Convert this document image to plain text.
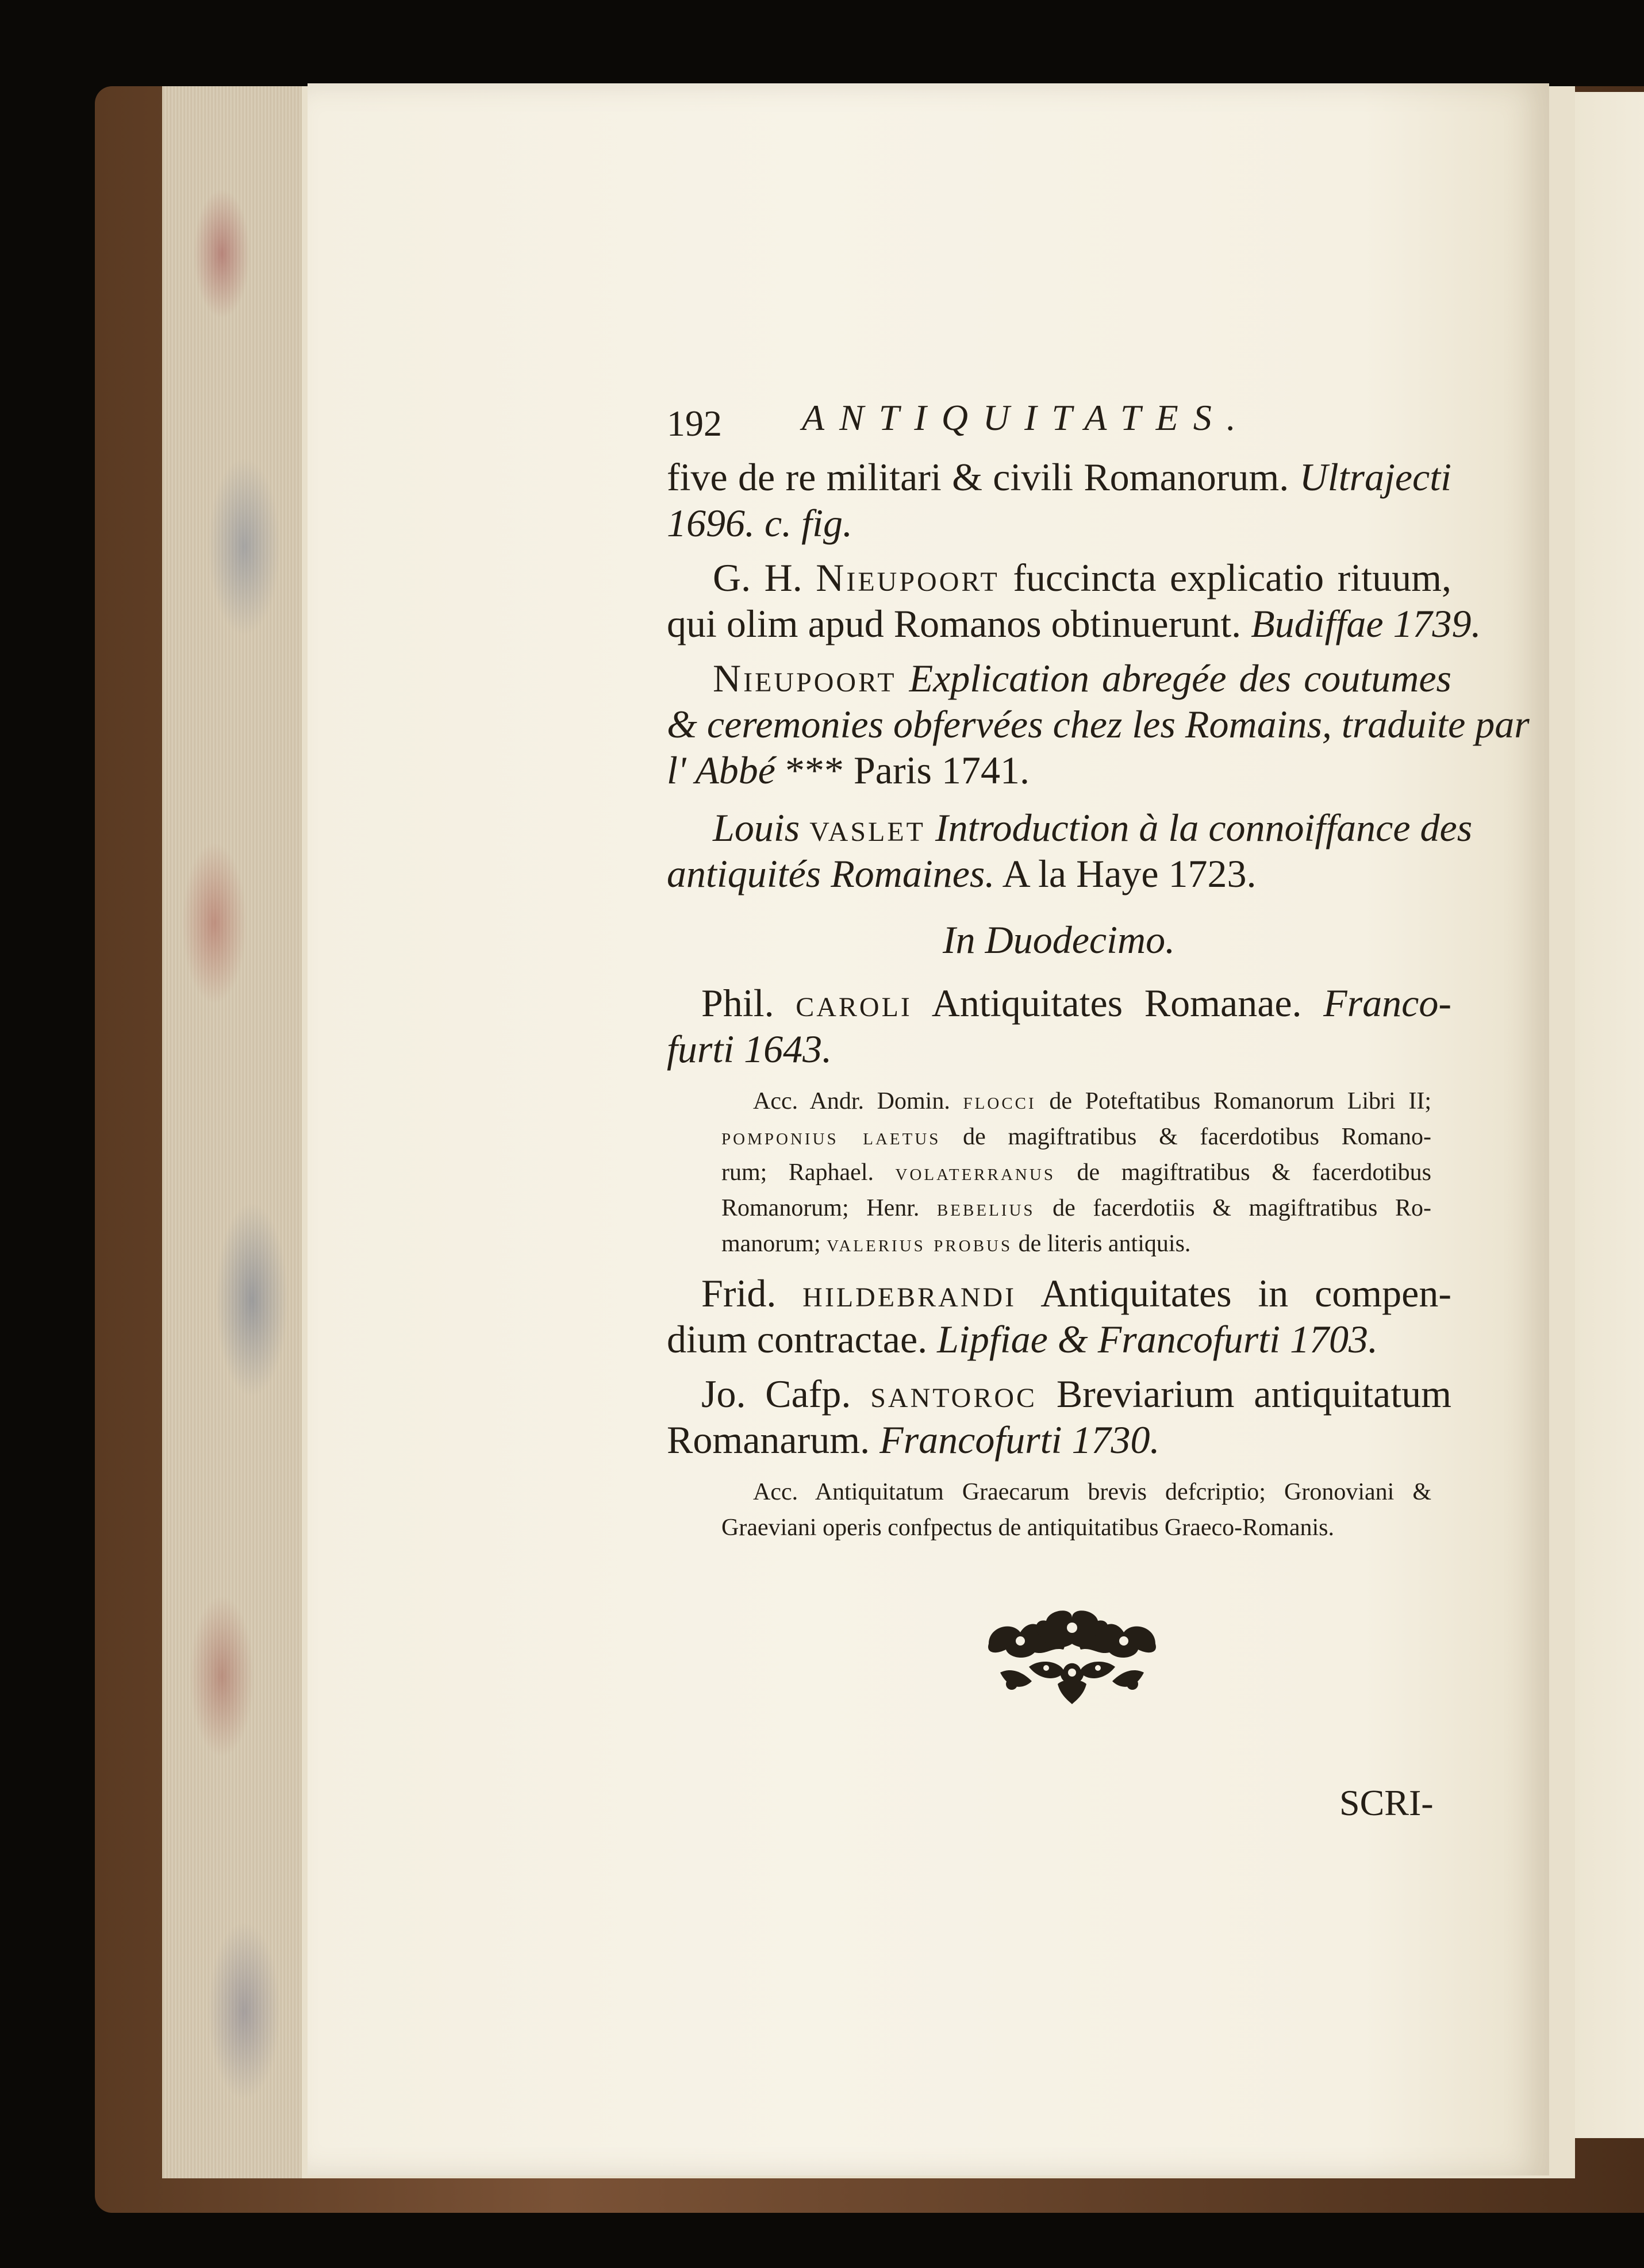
192 ANTIQUITATES.
five de re militari & civili Romanorum. Ultrajecti
1696. c. fig.
G. H. Nieupoort fuccincta explicatio rituum,
qui olim apud Romanos obtinuerunt. Budiffae 1739.
Nieupoort Explication abregée des coutumes
& ceremonies obfervées chez les Romains, traduite par
l' Abbé *** Paris 1741.
Louis vaslet Introduction à la connoiffance des
antiquités Romaines. A la Haye 1723.
In Duodecimo.
Phil. caroli Antiquitates Romanae. Franco-
furti 1643.
Acc. Andr. Domin. flocci de Poteftatibus Romanorum Libri II;
pomponius laetus de magiftratibus & facerdotibus Romano-
rum; Raphael. volaterranus de magiftratibus & facerdotibus
Romanorum; Henr. bebelius de facerdotiis & magiftratibus Ro-
manorum; valerius probus de literis antiquis.
Frid. hildebrandi Antiquitates in compen-
dium contractae. Lipfiae & Francofurti 1703.
Jo. Cafp. santoroc Breviarium antiquitatum
Romanarum. Francofurti 1730.
Acc. Antiquitatum Graecarum brevis defcriptio; Gronoviani &
Graeviani operis confpectus de antiquitatibus Graeco-Romanis.
SCRI-
